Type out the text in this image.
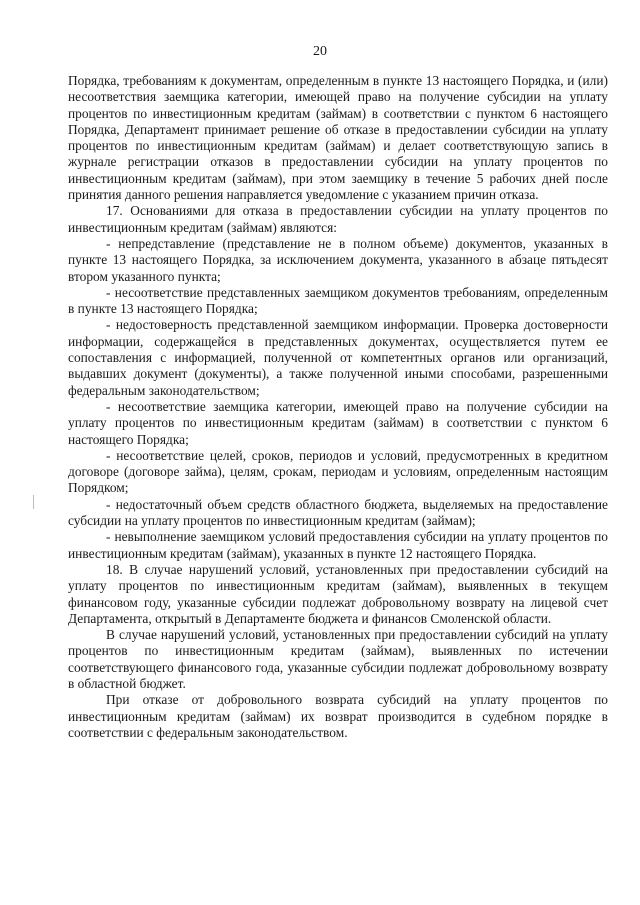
20

Порядка, требованиям к документам, определенным в пункте 13 настоящего Порядка, и (или) несоответствия заемщика категории, имеющей право на получение субсидии на уплату процентов по инвестиционным кредитам (займам) в соответствии с пунктом 6 настоящего Порядка, Департамент принимает решение об отказе в предоставлении субсидии на уплату процентов по инвестиционным кредитам (займам) и делает соответствующую запись в журнале регистрации отказов в предоставлении субсидии на уплату процентов по инвестиционным кредитам (займам), при этом заемщику в течение 5 рабочих дней после принятия данного решения направляется уведомление с указанием причин отказа.

17. Основаниями для отказа в предоставлении субсидии на уплату процентов по инвестиционным кредитам (займам) являются:

- непредставление (представление не в полном объеме) документов, указанных в пункте 13 настоящего Порядка, за исключением документа, указанного в абзаце пятьдесят втором указанного пункта;

- несоответствие представленных заемщиком документов требованиям, определенным в пункте 13 настоящего Порядка;

- недостоверность представленной заемщиком информации. Проверка достоверности информации, содержащейся в представленных документах, осуществляется путем ее сопоставления с информацией, полученной от компетентных органов или организаций, выдавших документ (документы), а также полученной иными способами, разрешенными федеральным законодательством;

- несоответствие заемщика категории, имеющей право на получение субсидии на уплату процентов по инвестиционным кредитам (займам) в соответствии с пунктом 6 настоящего Порядка;

- несоответствие целей, сроков, периодов и условий, предусмотренных в кредитном договоре (договоре займа), целям, срокам, периодам и условиям, определенным настоящим Порядком;

- недостаточный объем средств областного бюджета, выделяемых на предоставление субсидии на уплату процентов по инвестиционным кредитам (займам);

- невыполнение заемщиком условий предоставления субсидии на уплату процентов по инвестиционным кредитам (займам), указанных в пункте 12 настоящего Порядка.

18. В случае нарушений условий, установленных при предоставлении субсидий на уплату процентов по инвестиционным кредитам (займам), выявленных в текущем финансовом году, указанные субсидии подлежат добровольному возврату на лицевой счет Департамента, открытый в Департаменте бюджета и финансов Смоленской области.

В случае нарушений условий, установленных при предоставлении субсидий на уплату процентов по инвестиционным кредитам (займам), выявленных по истечении соответствующего финансового года, указанные субсидии подлежат добровольному возврату в областной бюджет.

При отказе от добровольного возврата субсидий на уплату процентов по инвестиционным кредитам (займам) их возврат производится в судебном порядке в соответствии с федеральным законодательством.
